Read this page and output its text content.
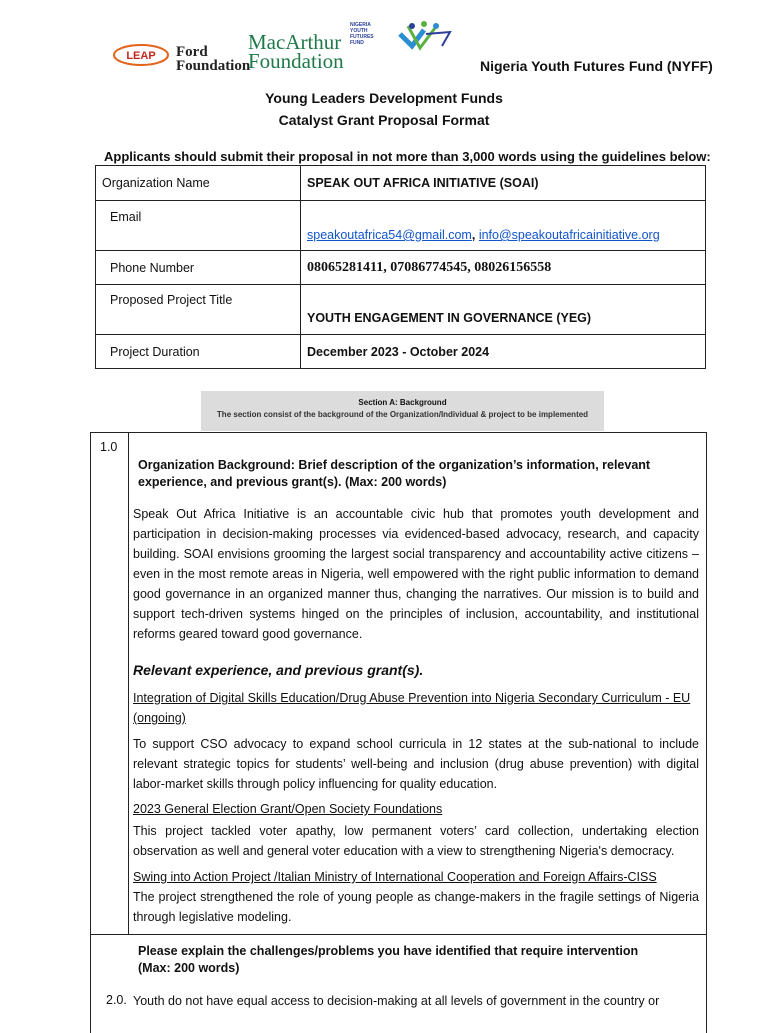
LEAP Ford
Foundation
MacArthur
Foundation
NIGERIA
YOUTH
FUTURES
FUND
Nigeria Youth Futures Fund (NYFF)
Young Leaders Development Funds
Catalyst Grant Proposal Format
Applicants should submit their proposal in not more than 3,000 words using the guidelines below:
Organization Name	SPEAK OUT AFRICA INITIATIVE (SOAI)
Email	speakoutafrica54@gmail.com, info@speakoutafricainitiative.org
Phone Number	08065281411, 07086774545, 08026156558
Proposed Project Title	YOUTH ENGAGEMENT IN GOVERNANCE (YEG)
Project Duration	December 2023 - October 2024
Section A: Background
The section consist of the background of the Organization/Individual & project to be implemented
1.0
Organization Background: Brief description of the organization’s information, relevant experience, and previous grant(s). (Max: 200 words)
Speak Out Africa Initiative is an accountable civic hub that promotes youth development and participation in decision-making processes via evidenced-based advocacy, research, and capacity building. SOAI envisions grooming the largest social transparency and accountability active citizens – even in the most remote areas in Nigeria, well empowered with the right public information to demand good governance in an organized manner thus, changing the narratives. Our mission is to build and support tech-driven systems hinged on the principles of inclusion, accountability, and institutional reforms geared toward good governance.
Relevant experience, and previous grant(s).
Integration of Digital Skills Education/Drug Abuse Prevention into Nigeria Secondary Curriculum - EU (ongoing)
To support CSO advocacy to expand school curricula in 12 states at the sub-national to include relevant strategic topics for students’ well-being and inclusion (drug abuse prevention) with digital labor-market skills through policy influencing for quality education.
2023 General Election Grant/Open Society Foundations
This project tackled voter apathy, low permanent voters’ card collection, undertaking election observation as well and general voter education with a view to strengthening Nigeria's democracy.
Swing into Action Project /Italian Ministry of International Cooperation and Foreign Affairs-CISS
The project strengthened the role of young people as change-makers in the fragile settings of Nigeria through legislative modeling.
Please explain the challenges/problems you have identified that require intervention (Max: 200 words)
2.0. Youth do not have equal access to decision-making at all levels of government in the country or
